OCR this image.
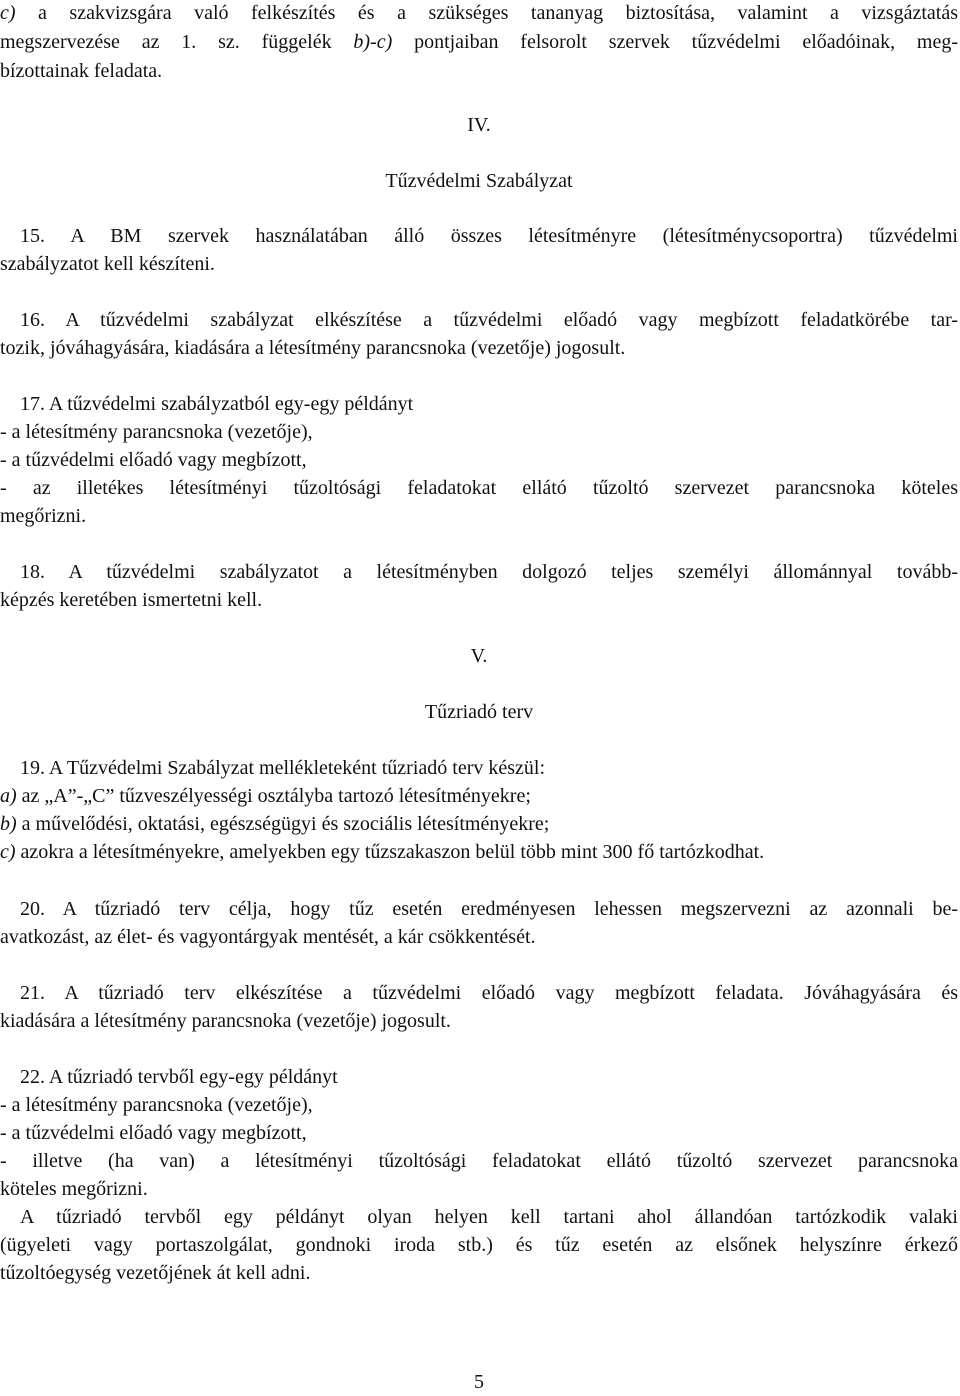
c) a szakvizsgára való felkészítés és a szükséges tananyag biztosítása, valamint a vizsgáztatás
megszervezése az 1. sz. függelék b)-c) pontjaiban felsorolt szervek tűzvédelmi előadóinak, meg-
bízottainak feladata.
IV.
Tűzvédelmi Szabályzat
15. A BM szervek használatában álló összes létesítményre (létesítménycsoportra) tűzvédelmi
szabályzatot kell készíteni.
16. A tűzvédelmi szabályzat elkészítése a tűzvédelmi előadó vagy megbízott feladatkörébe tar-
tozik, jóváhagyására, kiadására a létesítmény parancsnoka (vezetője) jogosult.
17. A tűzvédelmi szabályzatból egy-egy példányt
- a létesítmény parancsnoka (vezetője),
- a tűzvédelmi előadó vagy megbízott,
- az illetékes létesítményi tűzoltósági feladatokat ellátó tűzoltó szervezet parancsnoka köteles
megőrizni.
18. A tűzvédelmi szabályzatot a létesítményben dolgozó teljes személyi állománnyal tovább-
képzés keretében ismertetni kell.
V.
Tűzriadó terv
19. A Tűzvédelmi Szabályzat mellékleteként tűzriadó terv készül:
a) az „A”-„C” tűzveszélyességi osztályba tartozó létesítményekre;
b) a művelődési, oktatási, egészségügyi és szociális létesítményekre;
c) azokra a létesítményekre, amelyekben egy tűzszakaszon belül több mint 300 fő tartózkodhat.
20. A tűzriadó terv célja, hogy tűz esetén eredményesen lehessen megszervezni az azonnali be-
avatkozást, az élet- és vagyontárgyak mentését, a kár csökkentését.
21. A tűzriadó terv elkészítése a tűzvédelmi előadó vagy megbízott feladata. Jóváhagyására és
kiadására a létesítmény parancsnoka (vezetője) jogosult.
22. A tűzriadó tervből egy-egy példányt
- a létesítmény parancsnoka (vezetője),
- a tűzvédelmi előadó vagy megbízott,
- illetve (ha van) a létesítményi tűzoltósági feladatokat ellátó tűzoltó szervezet parancsnoka
köteles megőrizni.
A tűzriadó tervből egy példányt olyan helyen kell tartani ahol állandóan tartózkodik valaki
(ügyeleti vagy portaszolgálat, gondnoki iroda stb.) és tűz esetén az elsőnek helyszínre érkező
tűzoltóegység vezetőjének át kell adni.
5
